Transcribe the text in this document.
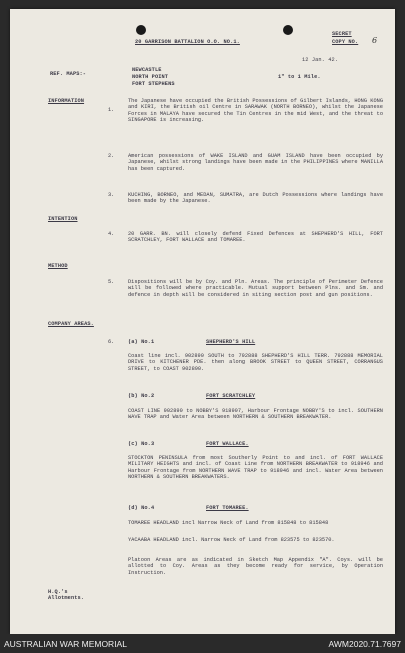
20 GARRISON BATTALION O.O. NO.1.
SECRET
COPY NO. 6
12 Jan. 42.
REF. MAPS:-
NEWCASTLE
NORTH POINT
FORT STEPHENS
1" to 1 Mile.
INFORMATION
1.
The Japanese have occupied the British Possessions of Gilbert Islands, HONG KONG and KIRI, the British oil Centre in SARAWAK (NORTH BORNEO), whilst the Japanese Forces in MALAYA have secured the Tin Centres in the mid West, and the threat to SINGAPORE is increasing.
2.	American possessions of WAKE ISLAND and GUAM ISLAND have been occupied by Japanese, whilst strong landings have been made in the PHILIPPINES where MANILLA has been captured.
3.	KUCHING, BORNEO, and MEDAN, SUMATRA, are Dutch Possessions where landings have been made by the Japanese.
INTENTION
4.	20 GARR. BN. will closely defend Fixed Defences at SHEPHERD'S HILL, FORT SCRATCHLEY, FORT WALLACE and TOMAREE.
METHOD
5.	Dispositions will be by Coy. and Pln. Areas. The principle of Perimeter Defence will be followed where practicable. Mutual support between Plns. and Sm. and defence in depth will be considered in siting section post and gun positions.
COMPANY AREAS.
6.	(a) No.1	SHEPHERD'S HILL
Coast line incl. 902890 SOUTH to 792888 SHEPHERD'S HILL TERR. 792888 MEMORIAL DRIVE to KITCHENER PDE. then along BROOK STREET to QUEEN STREET, CORRANGUS STREET, to COAST 902890.
(b) No.2	FORT SCRATCHLEY
COAST LINE 902890 to NOBBY'S 918907, Harbour Frontage NOBBY'S to incl. SOUTHERN WAVE TRAP and Water Area between NORTHERN & SOUTHERN BREAKWATER.
(c) No.3	FORT WALLACE.
STOCKTON PENINSULA from most Southerly Point to and incl. of FORT WALLACE MILITARY HEIGHTS and incl. of Coast Line from NORTHERN BREAKWATER to 918946 and Harbour Frontage from NORTHERN WAVE TRAP to 918946 and incl. Water Area between NORTHERN & SOUTHERN BREAKWATERS.
(d) No.4	FORT TOMAREE.
TOMAREE HEADLAND incl Narrow Neck of Land from 815848 to 815848
YACAABA HEADLAND incl. Narrow Neck of Land from 823575 to 823570.
Platoon Areas are as indicated in Sketch Map Appendix "A". Coys. will be allotted to Coy. Areas as they become ready for service, by Operation Instruction.
H.Q.'s
Allotments.
AUSTRALIAN WAR MEMORIAL	AWM2020.71.7697
